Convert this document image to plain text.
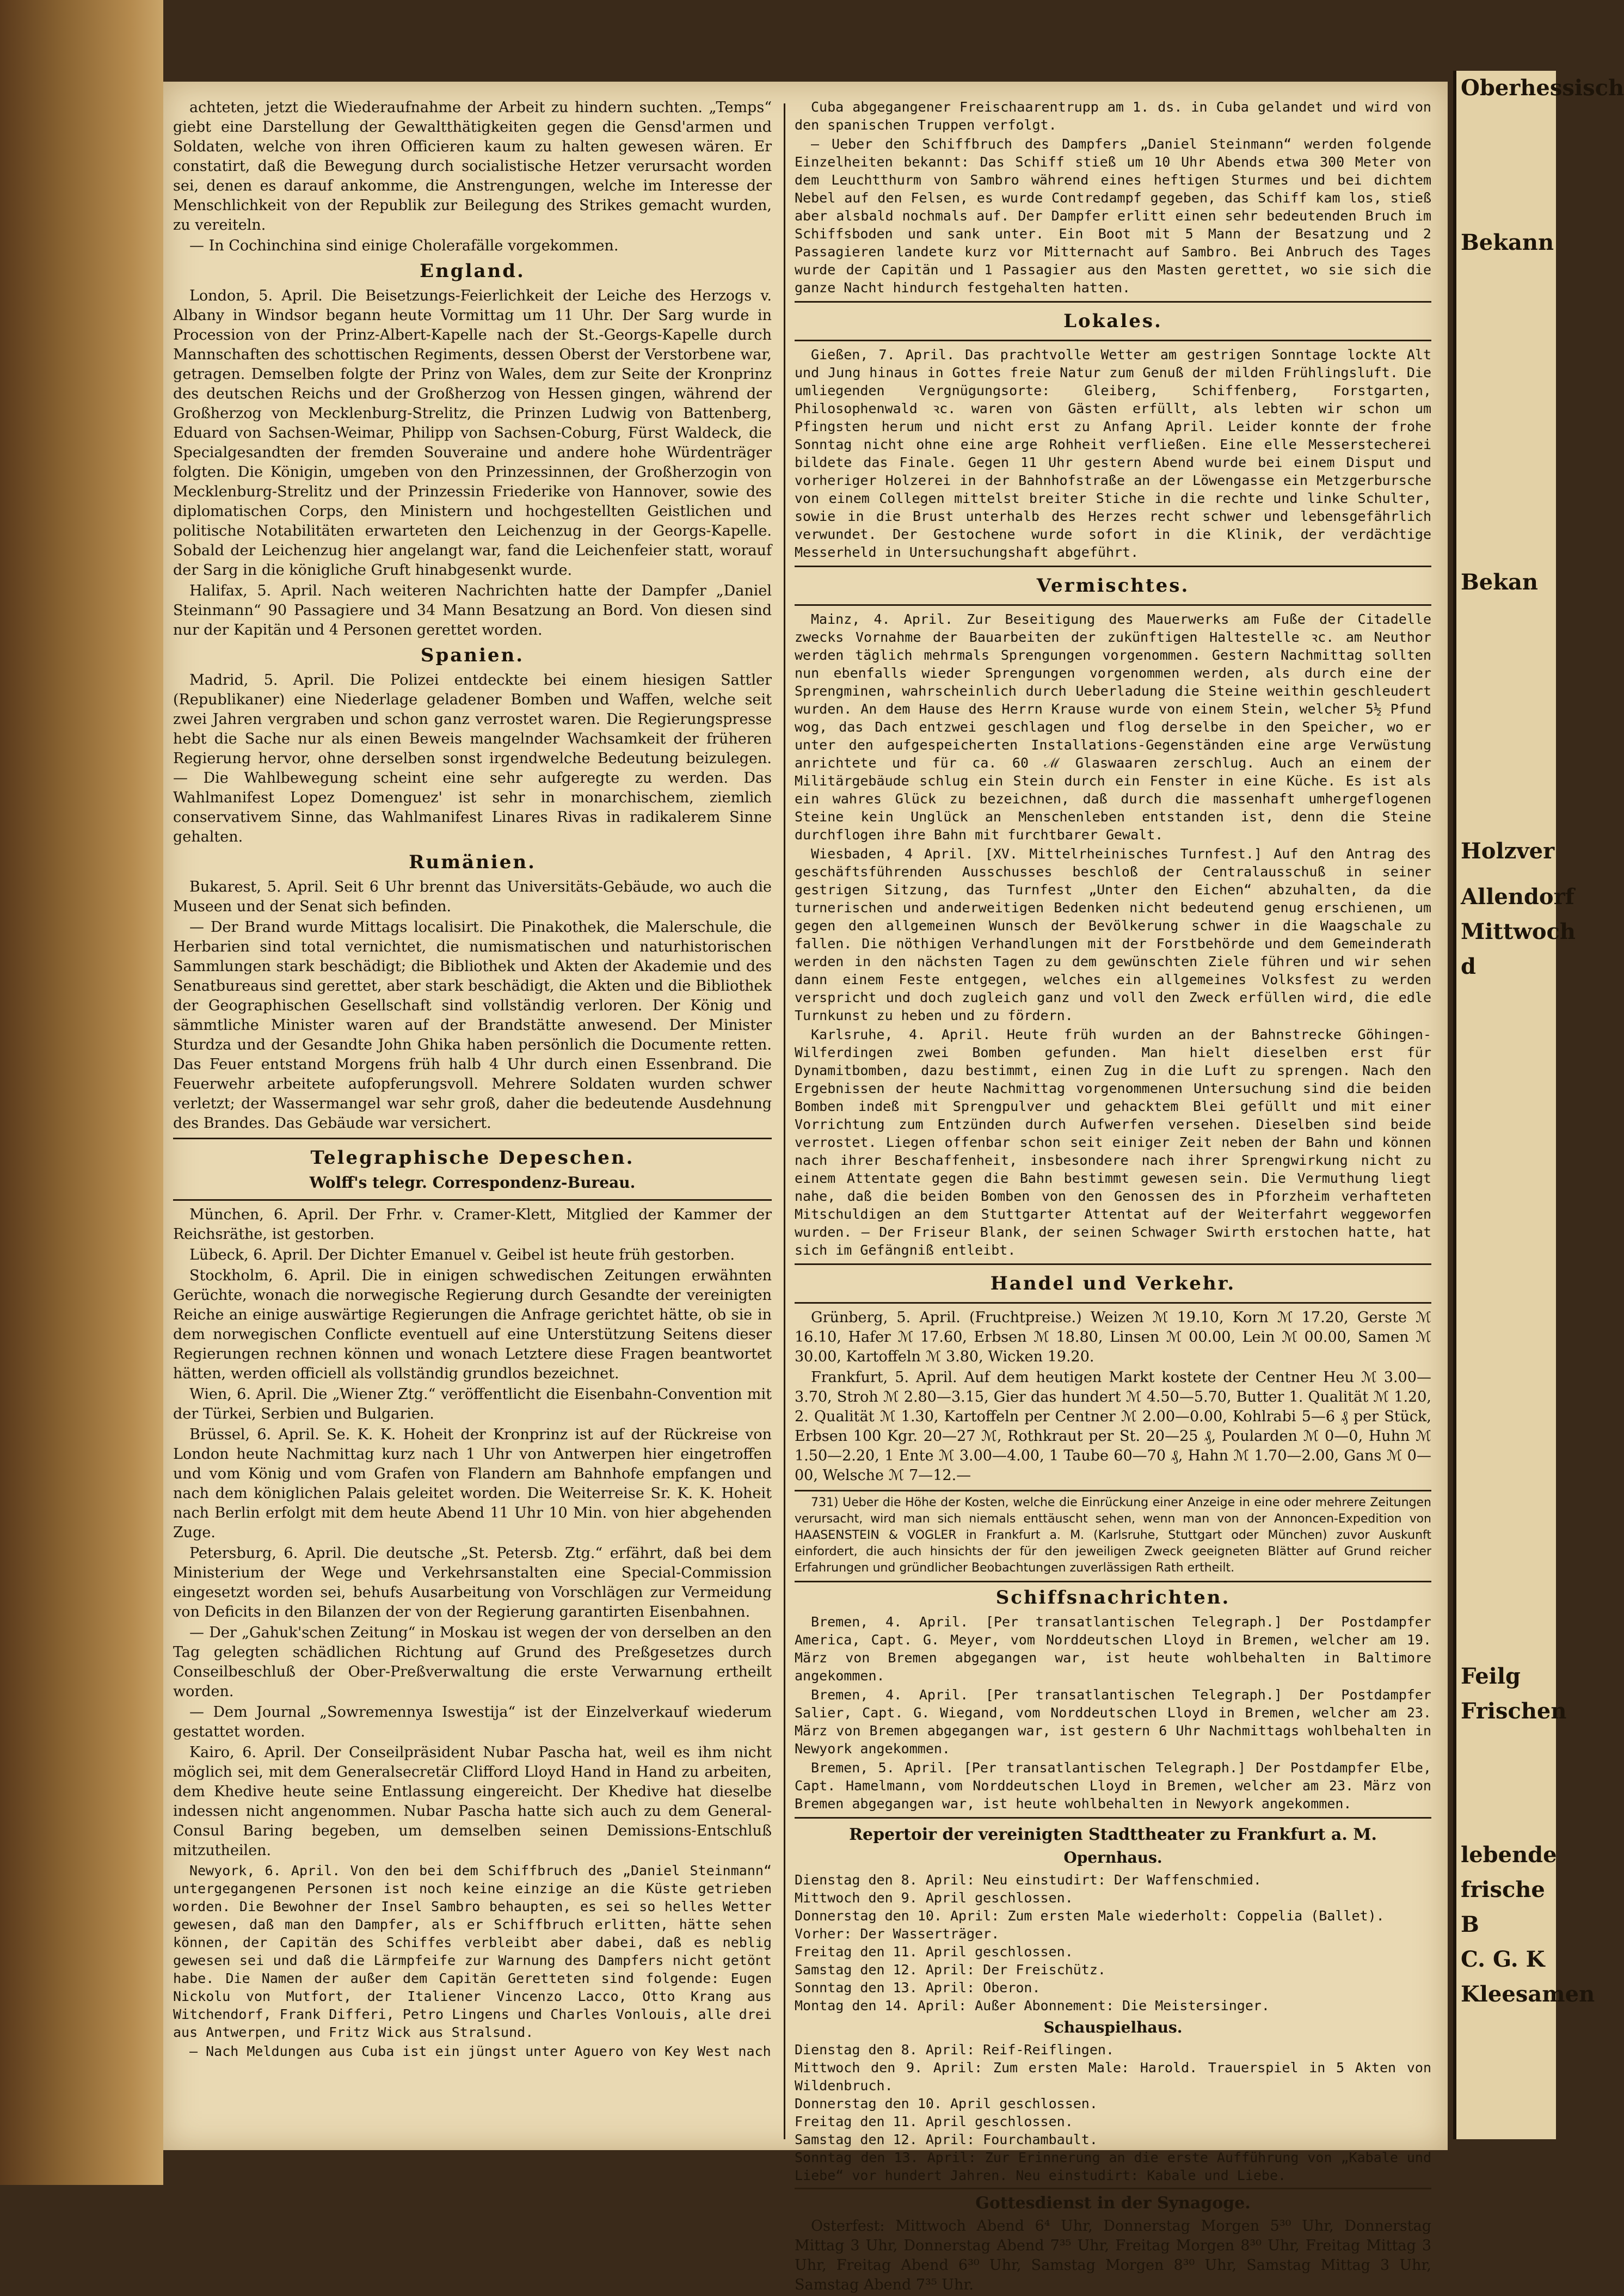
achteten, jetzt die Wiederaufnahme der Arbeit zu hindern suchten. „Temps“ giebt eine Darstellung der Gewaltthätigkeiten gegen die Gensd'armen und Soldaten, welche von ihren Officieren kaum zu halten gewesen wären. Er constatirt, daß die Bewegung durch socialistische Hetzer verursacht worden sei, denen es darauf ankomme, die Anstrengungen, welche im Interesse der Menschlichkeit von der Republik zur Beilegung des Strikes gemacht wurden, zu vereiteln.

— In Cochinchina sind einige Cholerafälle vorgekommen.

England.

London, 5. April. Die Beisetzungs-Feierlichkeit der Leiche des Herzogs v. Albany in Windsor begann heute Vormittag um 11 Uhr. Der Sarg wurde in Procession von der Prinz-Albert-Kapelle nach der St.-Georgs-Kapelle durch Mannschaften des schottischen Regiments, dessen Oberst der Verstorbene war, getragen. Demselben folgte der Prinz von Wales, dem zur Seite der Kronprinz des deutschen Reichs und der Großherzog von Hessen gingen, während der Großherzog von Mecklenburg-Strelitz, die Prinzen Ludwig von Battenberg, Eduard von Sachsen-Weimar, Philipp von Sachsen-Coburg, Fürst Waldeck, die Specialgesandten der fremden Souveraine und andere hohe Würdenträger folgten. Die Königin, umgeben von den Prinzessinnen, der Großherzogin von Mecklenburg-Strelitz und der Prinzessin Friederike von Hannover, sowie des diplomatischen Corps, den Ministern und hochgestellten Geistlichen und politische Notabilitäten erwarteten den Leichenzug in der Georgs-Kapelle. Sobald der Leichenzug hier angelangt war, fand die Leichenfeier statt, worauf der Sarg in die königliche Gruft hinabgesenkt wurde.

Halifax, 5. April. Nach weiteren Nachrichten hatte der Dampfer „Daniel Steinmann“ 90 Passagiere und 34 Mann Besatzung an Bord. Von diesen sind nur der Kapitän und 4 Personen gerettet worden.

Spanien.

Madrid, 5. April. Die Polizei entdeckte bei einem hiesigen Sattler (Republikaner) eine Niederlage geladener Bomben und Waffen, welche seit zwei Jahren vergraben und schon ganz verrostet waren. Die Regierungspresse hebt die Sache nur als einen Beweis mangelnder Wachsamkeit der früheren Regierung hervor, ohne derselben sonst irgendwelche Bedeutung beizulegen. — Die Wahlbewegung scheint eine sehr aufgeregte zu werden. Das Wahlmanifest Lopez Domenguez' ist sehr in monarchischem, ziemlich conservativem Sinne, das Wahlmanifest Linares Rivas in radikalerem Sinne gehalten.

Rumänien.

Bukarest, 5. April. Seit 6 Uhr brennt das Universitäts-Gebäude, wo auch die Museen und der Senat sich befinden.

— Der Brand wurde Mittags localisirt. Die Pinakothek, die Malerschule, die Herbarien sind total vernichtet, die numismatischen und naturhistorischen Sammlungen stark beschädigt; die Bibliothek und Akten der Akademie und des Senatbureaus sind gerettet, aber stark beschädigt, die Akten und die Bibliothek der Geographischen Gesellschaft sind vollständig verloren. Der König und sämmtliche Minister waren auf der Brandstätte anwesend. Der Minister Sturdza und der Gesandte John Ghika haben persönlich die Documente retten. Das Feuer entstand Morgens früh halb 4 Uhr durch einen Essenbrand. Die Feuerwehr arbeitete aufopferungsvoll. Mehrere Soldaten wurden schwer verletzt; der Wassermangel war sehr groß, daher die bedeutende Ausdehnung des Brandes. Das Gebäude war versichert.

Telegraphische Depeschen.
Wolff's telegr. Correspondenz-Bureau.

München, 6. April. Der Frhr. v. Cramer-Klett, Mitglied der Kammer der Reichsräthe, ist gestorben.

Lübeck, 6. April. Der Dichter Emanuel v. Geibel ist heute früh gestorben.

Stockholm, 6. April. Die in einigen schwedischen Zeitungen erwähnten Gerüchte, wonach die norwegische Regierung durch Gesandte der vereinigten Reiche an einige auswärtige Regierungen die Anfrage gerichtet hätte, ob sie in dem norwegischen Conflicte eventuell auf eine Unterstützung Seitens dieser Regierungen rechnen können und wonach Letztere diese Fragen beantwortet hätten, werden officiell als vollständig grundlos bezeichnet.

Wien, 6. April. Die „Wiener Ztg.“ veröffentlicht die Eisenbahn-Convention mit der Türkei, Serbien und Bulgarien.

Brüssel, 6. April. Se. K. K. Hoheit der Kronprinz ist auf der Rückreise von London heute Nachmittag kurz nach 1 Uhr von Antwerpen hier eingetroffen und vom König und vom Grafen von Flandern am Bahnhofe empfangen und nach dem königlichen Palais geleitet worden. Die Weiterreise Sr. K. K. Hoheit nach Berlin erfolgt mit dem heute Abend 11 Uhr 10 Min. von hier abgehenden Zuge.

Petersburg, 6. April. Die deutsche „St. Petersb. Ztg.“ erfährt, daß bei dem Ministerium der Wege und Verkehrsanstalten eine Special-Commission eingesetzt worden sei, behufs Ausarbeitung von Vorschlägen zur Vermeidung von Deficits in den Bilanzen der von der Regierung garantirten Eisenbahnen.

— Der „Gahuk'schen Zeitung“ in Moskau ist wegen der von derselben an den Tag gelegten schädlichen Richtung auf Grund des Preßgesetzes durch Conseilbeschluß der Ober-Preßverwaltung die erste Verwarnung ertheilt worden.

— Dem Journal „Sowremennya Iswestija“ ist der Einzelverkauf wiederum gestattet worden.

Kairo, 6. April. Der Conseilpräsident Nubar Pascha hat, weil es ihm nicht möglich sei, mit dem Generalsecretär Clifford Lloyd Hand in Hand zu arbeiten, dem Khedive heute seine Entlassung eingereicht. Der Khedive hat dieselbe indessen nicht angenommen. Nubar Pascha hatte sich auch zu dem General-Consul Baring begeben, um demselben seinen Demissions-Entschluß mitzutheilen.

Newyork, 6. April. Von den bei dem Schiffbruch des „Daniel Steinmann“ untergegangenen Personen ist noch keine einzige an die Küste getrieben worden. Die Bewohner der Insel Sambro behaupten, es sei so helles Wetter gewesen, daß man den Dampfer, als er Schiffbruch erlitten, hätte sehen können, der Capitän des Schiffes verbleibt aber dabei, daß es neblig gewesen sei und daß die Lärmpfeife zur Warnung des Dampfers nicht getönt habe. Die Namen der außer dem Capitän Geretteten sind folgende: Eugen Nickolu von Mutfort, der Italiener Vincenzo Lacco, Otto Krang aus Witchendorf, Frank Differi, Petro Lingens und Charles Vonlouis, alle drei aus Antwerpen, und Fritz Wick aus Stralsund.

— Nach Meldungen aus Cuba ist ein jüngst unter Aguero von Key West nach

Cuba abgegangener Freischaarentrupp am 1. ds. in Cuba gelandet und wird von den spanischen Truppen verfolgt.

— Ueber den Schiffbruch des Dampfers „Daniel Steinmann“ werden folgende Einzelheiten bekannt: Das Schiff stieß um 10 Uhr Abends etwa 300 Meter von dem Leuchtthurm von Sambro während eines heftigen Sturmes und bei dichtem Nebel auf den Felsen, es wurde Contredampf gegeben, das Schiff kam los, stieß aber alsbald nochmals auf. Der Dampfer erlitt einen sehr bedeutenden Bruch im Schiffsboden und sank unter. Ein Boot mit 5 Mann der Besatzung und 2 Passagieren landete kurz vor Mitternacht auf Sambro. Bei Anbruch des Tages wurde der Capitän und 1 Passagier aus den Masten gerettet, wo sie sich die ganze Nacht hindurch festgehalten hatten.

Lokales.

Gießen, 7. April. Das prachtvolle Wetter am gestrigen Sonntage lockte Alt und Jung hinaus in Gottes freie Natur zum Genuß der milden Frühlingsluft. Die umliegenden Vergnügungsorte: Gleiberg, Schiffenberg, Forstgarten, Philosophenwald ꝛc. waren von Gästen erfüllt, als lebten wir schon um Pfingsten herum und nicht erst zu Anfang April. Leider konnte der frohe Sonntag nicht ohne eine arge Rohheit verfließen. Eine elle Messerstecherei bildete das Finale. Gegen 11 Uhr gestern Abend wurde bei einem Disput und vorheriger Holzerei in der Bahnhofstraße an der Löwengasse ein Metzgerbursche von einem Collegen mittelst breiter Stiche in die rechte und linke Schulter, sowie in die Brust unterhalb des Herzes recht schwer und lebensgefährlich verwundet. Der Gestochene wurde sofort in die Klinik, der verdächtige Messerheld in Untersuchungshaft abgeführt.

Vermischtes.

Mainz, 4. April. Zur Beseitigung des Mauerwerks am Fuße der Citadelle zwecks Vornahme der Bauarbeiten der zukünftigen Haltestelle ꝛc. am Neuthor werden täglich mehrmals Sprengungen vorgenommen. Gestern Nachmittag sollten nun ebenfalls wieder Sprengungen vorgenommen werden, als durch eine der Sprengminen, wahrscheinlich durch Ueberladung die Steine weithin geschleudert wurden. An dem Hause des Herrn Krause wurde von einem Stein, welcher 5½ Pfund wog, das Dach entzwei geschlagen und flog derselbe in den Speicher, wo er unter den aufgespeicherten Installations-Gegenständen eine arge Verwüstung anrichtete und für ca. 60 ℳ Glaswaaren zerschlug. Auch an einem der Militärgebäude schlug ein Stein durch ein Fenster in eine Küche. Es ist als ein wahres Glück zu bezeichnen, daß durch die massenhaft umhergeflogenen Steine kein Unglück an Menschenleben entstanden ist, denn die Steine durchflogen ihre Bahn mit furchtbarer Gewalt.

Wiesbaden, 4 April. [XV. Mittelrheinisches Turnfest.] Auf den Antrag des geschäftsführenden Ausschusses beschloß der Centralausschuß in seiner gestrigen Sitzung, das Turnfest „Unter den Eichen“ abzuhalten, da die turnerischen und anderweitigen Bedenken nicht bedeutend genug erschienen, um gegen den allgemeinen Wunsch der Bevölkerung schwer in die Waagschale zu fallen. Die nöthigen Verhandlungen mit der Forstbehörde und dem Gemeinderath werden in den nächsten Tagen zu dem gewünschten Ziele führen und wir sehen dann einem Feste entgegen, welches ein allgemeines Volksfest zu werden verspricht und doch zugleich ganz und voll den Zweck erfüllen wird, die edle Turnkunst zu heben und zu fördern.

Karlsruhe, 4. April. Heute früh wurden an der Bahnstrecke Göhingen-Wilferdingen zwei Bomben gefunden. Man hielt dieselben erst für Dynamitbomben, dazu bestimmt, einen Zug in die Luft zu sprengen. Nach den Ergebnissen der heute Nachmittag vorgenommenen Untersuchung sind die beiden Bomben indeß mit Sprengpulver und gehacktem Blei gefüllt und mit einer Vorrichtung zum Entzünden durch Aufwerfen versehen. Dieselben sind beide verrostet. Liegen offenbar schon seit einiger Zeit neben der Bahn und können nach ihrer Beschaffenheit, insbesondere nach ihrer Sprengwirkung nicht zu einem Attentate gegen die Bahn bestimmt gewesen sein. Die Vermuthung liegt nahe, daß die beiden Bomben von den Genossen des in Pforzheim verhafteten Mitschuldigen an dem Stuttgarter Attentat auf der Weiterfahrt weggeworfen wurden. — Der Friseur Blank, der seinen Schwager Swirth erstochen hatte, hat sich im Gefängniß entleibt.

Handel und Verkehr.

Grünberg, 5. April. (Fruchtpreise.) Weizen ℳ 19.10, Korn ℳ 17.20, Gerste ℳ 16.10, Hafer ℳ 17.60, Erbsen ℳ 18.80, Linsen ℳ 00.00, Lein ℳ 00.00, Samen ℳ 30.00, Kartoffeln ℳ 3.80, Wicken 19.20.

Frankfurt, 5. April. Auf dem heutigen Markt kostete der Centner Heu ℳ 3.00—3.70, Stroh ℳ 2.80—3.15, Gier das hundert ℳ 4.50—5.70, Butter 1. Qualität ℳ 1.20, 2. Qualität ℳ 1.30, Kartoffeln per Centner ℳ 2.00—0.00, Kohlrabi 5—6 ₰ per Stück, Erbsen 100 Kgr. 20—27 ℳ, Rothkraut per St. 20—25 ₰, Poularden ℳ 0—0, Huhn ℳ 1.50—2.20, 1 Ente ℳ 3.00—4.00, 1 Taube 60—70 ₰, Hahn ℳ 1.70—2.00, Gans ℳ 0—00, Welsche ℳ 7—12.—

731) Ueber die Höhe der Kosten, welche die Einrückung einer Anzeige in eine oder mehrere Zeitungen verursacht, wird man sich niemals enttäuscht sehen, wenn man von der Annoncen-Expedition von HAASENSTEIN & VOGLER in Frankfurt a. M. (Karlsruhe, Stuttgart oder München) zuvor Auskunft einfordert, die auch hinsichts der für den jeweiligen Zweck geeigneten Blätter auf Grund reicher Erfahrungen und gründlicher Beobachtungen zuverlässigen Rath ertheilt.

Schiffsnachrichten.

Bremen, 4. April. [Per transatlantischen Telegraph.] Der Postdampfer America, Capt. G. Meyer, vom Norddeutschen Lloyd in Bremen, welcher am 19. März von Bremen abgegangen war, ist heute wohlbehalten in Baltimore angekommen.

Bremen, 4. April. [Per transatlantischen Telegraph.] Der Postdampfer Salier, Capt. G. Wiegand, vom Norddeutschen Lloyd in Bremen, welcher am 23. März von Bremen abgegangen war, ist gestern 6 Uhr Nachmittags wohlbehalten in Newyork angekommen.

Bremen, 5. April. [Per transatlantischen Telegraph.] Der Postdampfer Elbe, Capt. Hamelmann, vom Norddeutschen Lloyd in Bremen, welcher am 23. März von Bremen abgegangen war, ist heute wohlbehalten in Newyork angekommen.

Repertoir der vereinigten Stadttheater zu Frankfurt a. M.
Opernhaus.
Dienstag den 8. April: Neu einstudirt: Der Waffenschmied.
Mittwoch den 9. April geschlossen.
Donnerstag den 10. April: Zum ersten Male wiederholt: Coppelia (Ballet).
Vorher: Der Wasserträger.
Freitag den 11. April geschlossen.
Samstag den 12. April: Der Freischütz.
Sonntag den 13. April: Oberon.
Montag den 14. April: Außer Abonnement: Die Meistersinger.
Schauspielhaus.
Dienstag den 8. April: Reif-Reiflingen.
Mittwoch den 9. April: Zum ersten Male: Harold. Trauerspiel in 5 Akten von Wildenbruch.
Donnerstag den 10. April geschlossen.
Freitag den 11. April geschlossen.
Samstag den 12. April: Fourchambault.
Sonntag den 13. April: Zur Erinnerung an die erste Aufführung von „Kabale und Liebe“ vor hundert Jahren. Neu einstudirt: Kabale und Liebe.
Gottesdienst in der Synagoge.

Osterfest: Mittwoch Abend 6⁴ Uhr, Donnerstag Morgen 5³⁰ Uhr, Donnerstag Mittag 3 Uhr, Donnerstag Abend 7³⁵ Uhr, Freitag Morgen 8³⁰ Uhr, Freitag Mittag 3 Uhr, Freitag Abend 6³⁰ Uhr, Samstag Morgen 8³⁰ Uhr, Samstag Mittag 3 Uhr, Samstag Abend 7³⁵ Uhr.

Oberhessisch
Bekann
Bekan
Holzver
Allendorf
Mittwoch d
Feilg
Frischen
lebende
frische B
C. G. K
Kleesamen
